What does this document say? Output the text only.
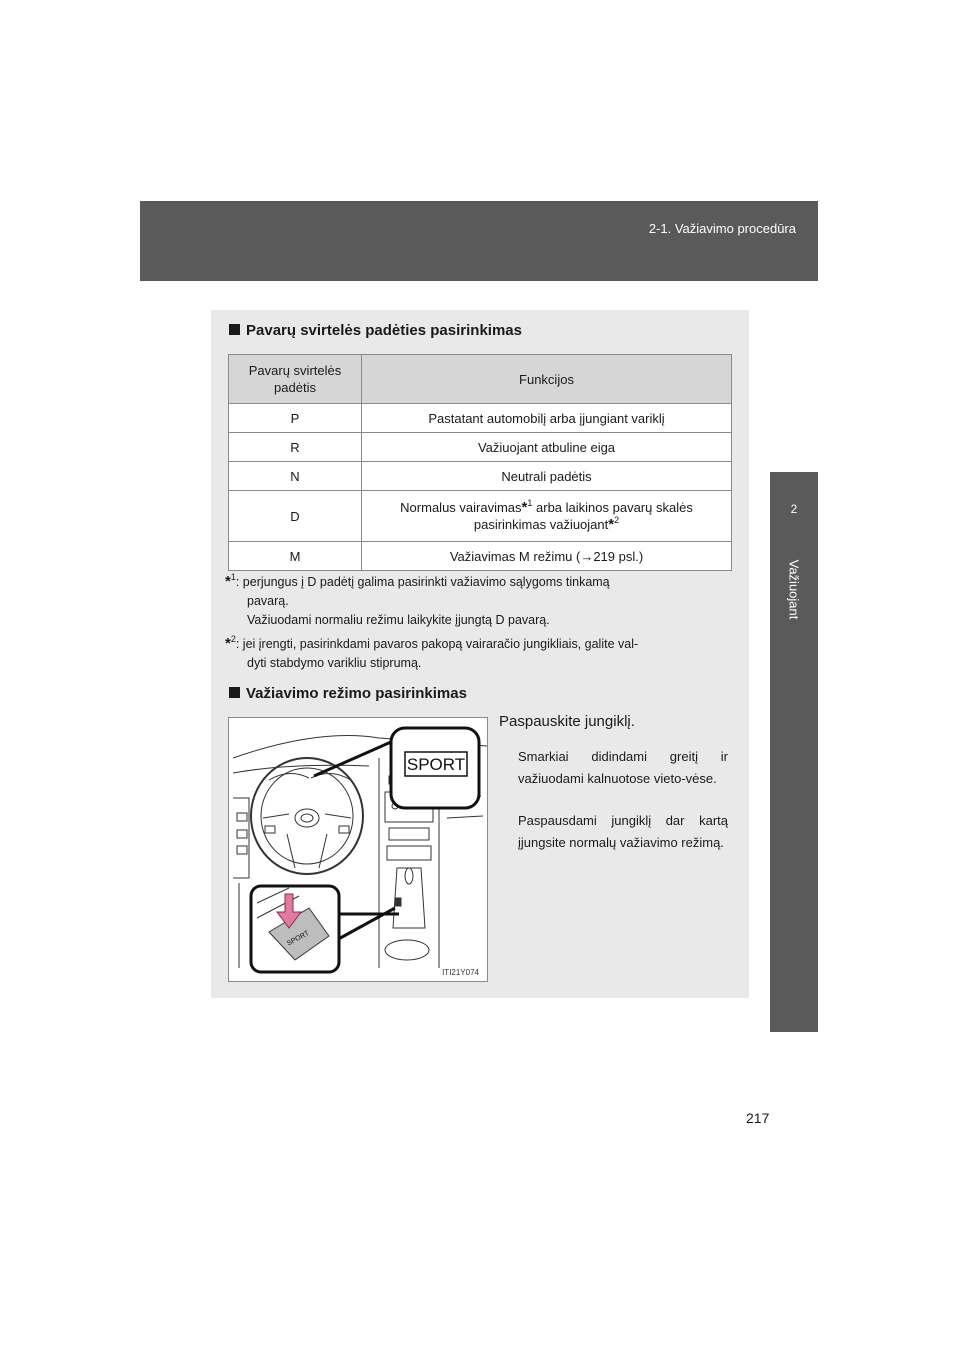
2-1. Važiavimo procedūra
2
Važiuojant
Pavarų svirtelės padėties pasirinkimas
Pavarų svirtelės padėtis	Funkcijos
P	Pastatant automobilį arba įjungiant variklį
R	Važiuojant atbuline eiga
N	Neutrali padėtis
D	Normalus vairavimas*$^1$ arba laikinos pavarų skalės
pasirinkimas važiuojant*$^2$
M	Važiavimas M režimu (→219 psl.)
*$^1$: perjungus į D padėtį galima pasirinkti važiavimo sąlygoms tinkamą
pavarą.
Važiuodami normaliu režimu laikykite įjungtą D pavarą.
*$^2$: jei įrengti, pasirinkdami pavaros pakopą vairaračio jungikliais, galite val-
dyti stabdymo varikliu stiprumą.
Važiavimo režimo pasirinkimas
SPORT
SPORT
ITI21Y074
Paspauskite jungiklį.
Smarkiai didindami greitį ir važiuodami kalnuotose vieto-vėse.
Paspausdami jungiklį dar kartą įjungsite normalų važiavimo režimą.
217
